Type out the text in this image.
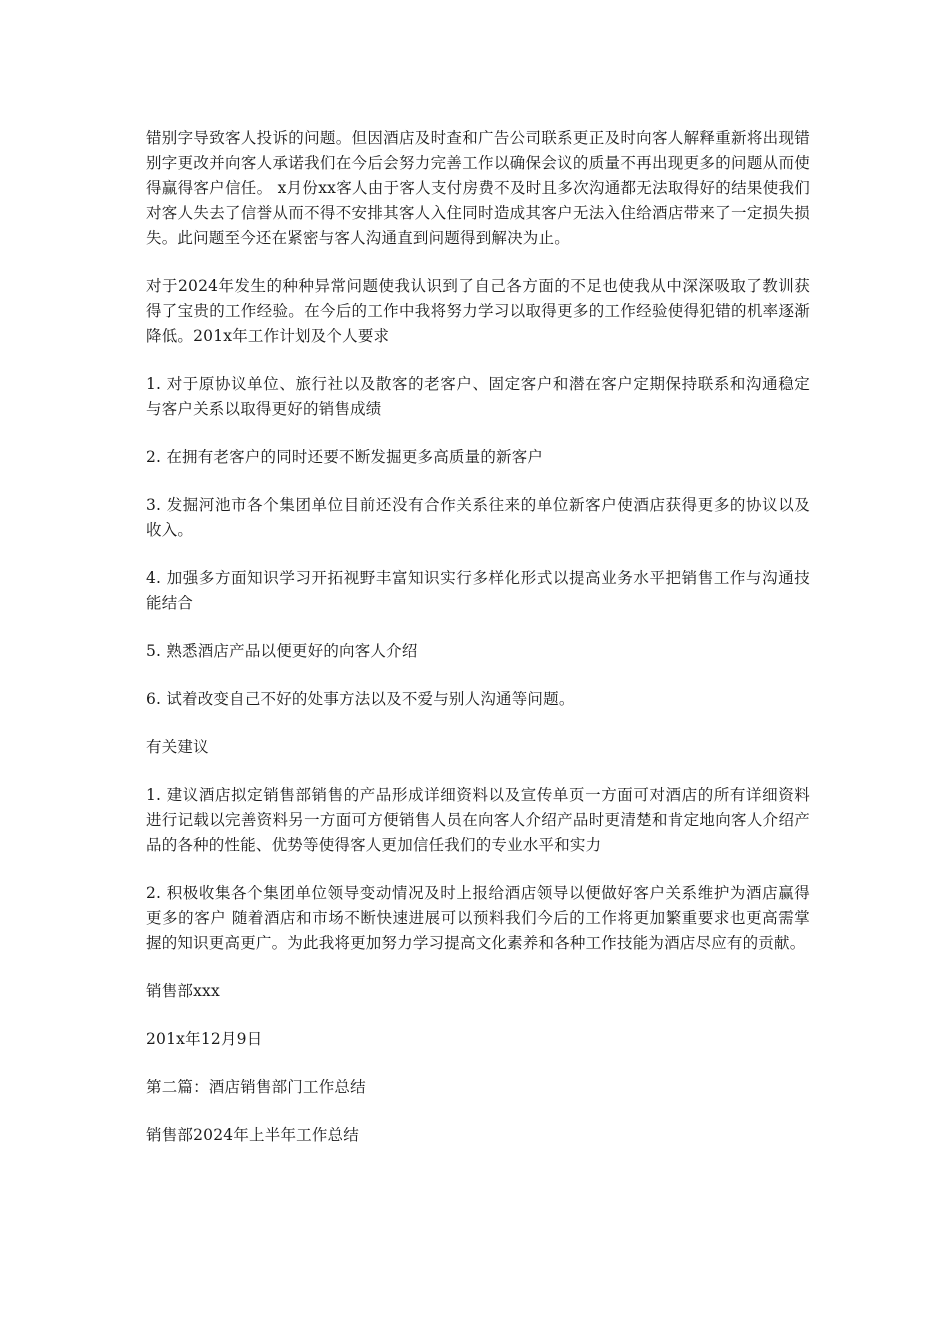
错别字导致客人投诉的问题。但因酒店及时查和广告公司联系更正及时向客人解释重新将出现错别字更改并向客人承诺我们在今后会努力完善工作以确保会议的质量不再出现更多的问题从而使得赢得客户信任。 x月份xx客人由于客人支付房费不及时且多次沟通都无法取得好的结果使我们对客人失去了信誉从而不得不安排其客人入住同时造成其客户无法入住给酒店带来了一定损失损失。此问题至今还在紧密与客人沟通直到问题得到解决为止。

对于2024年发生的种种异常问题使我认识到了自己各方面的不足也使我从中深深吸取了教训获得了宝贵的工作经验。在今后的工作中我将努力学习以取得更多的工作经验使得犯错的机率逐渐降低。201x年工作计划及个人要求

1. 对于原协议单位、旅行社以及散客的老客户、固定客户和潜在客户定期保持联系和沟通稳定与客户关系以取得更好的销售成绩

2. 在拥有老客户的同时还要不断发掘更多高质量的新客户

3. 发掘河池市各个集团单位目前还没有合作关系往来的单位新客户使酒店获得更多的协议以及收入。

4. 加强多方面知识学习开拓视野丰富知识实行多样化形式以提高业务水平把销售工作与沟通技能结合

5. 熟悉酒店产品以便更好的向客人介绍

6. 试着改变自己不好的处事方法以及不爱与别人沟通等问题。

有关建议

1. 建议酒店拟定销售部销售的产品形成详细资料以及宣传单页一方面可对酒店的所有详细资料进行记载以完善资料另一方面可方便销售人员在向客人介绍产品时更清楚和肯定地向客人介绍产品的各种的性能、优势等使得客人更加信任我们的专业水平和实力

2. 积极收集各个集团单位领导变动情况及时上报给酒店领导以便做好客户关系维护为酒店赢得更多的客户 随着酒店和市场不断快速进展可以预料我们今后的工作将更加繁重要求也更高需掌握的知识更高更广。为此我将更加努力学习提高文化素养和各种工作技能为酒店尽应有的贡献。

销售部xxx

201x年12月9日

第二篇：酒店销售部门工作总结

销售部2024年上半年工作总结
